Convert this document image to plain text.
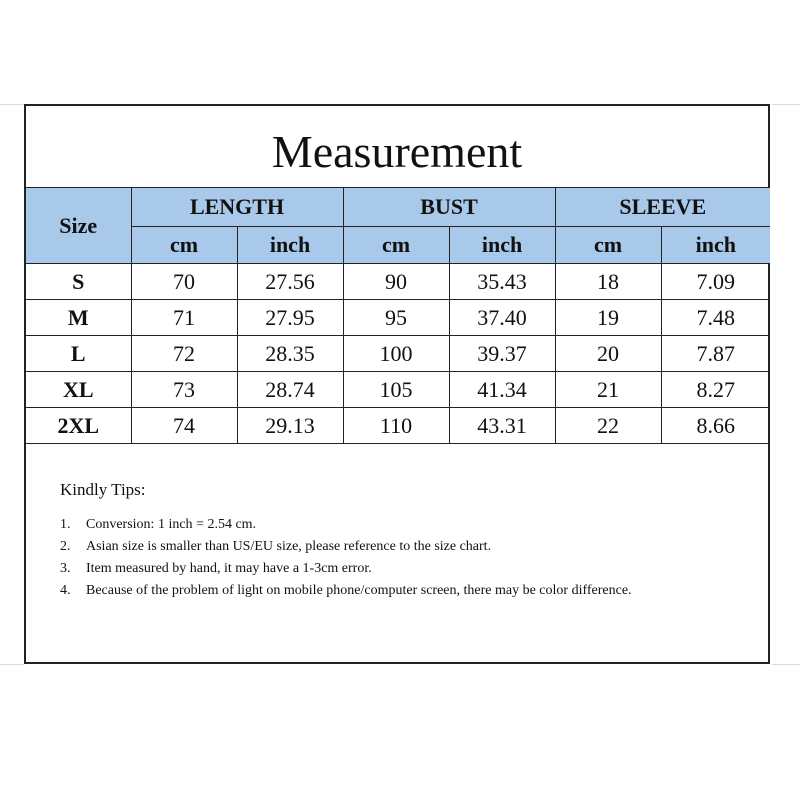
Measurement
Size	LENGTH		BUST		SLEEVE	
	cm	inch	cm	inch	cm	inch
S	70	27.56	90	35.43	18	7.09
M	71	27.95	95	37.40	19	7.48
L	72	28.35	100	39.37	20	7.87
XL	73	28.74	105	41.34	21	8.27
2XL	74	29.13	110	43.31	22	8.66
Kindly Tips:
1.	Conversion: 1 inch = 2.54 cm.
2.	Asian size is smaller than US/EU size, please reference to the size chart.
3.	Item measured by hand, it may have a 1-3cm error.
4.	Because of the problem of light on mobile phone/computer screen, there may be color difference.
